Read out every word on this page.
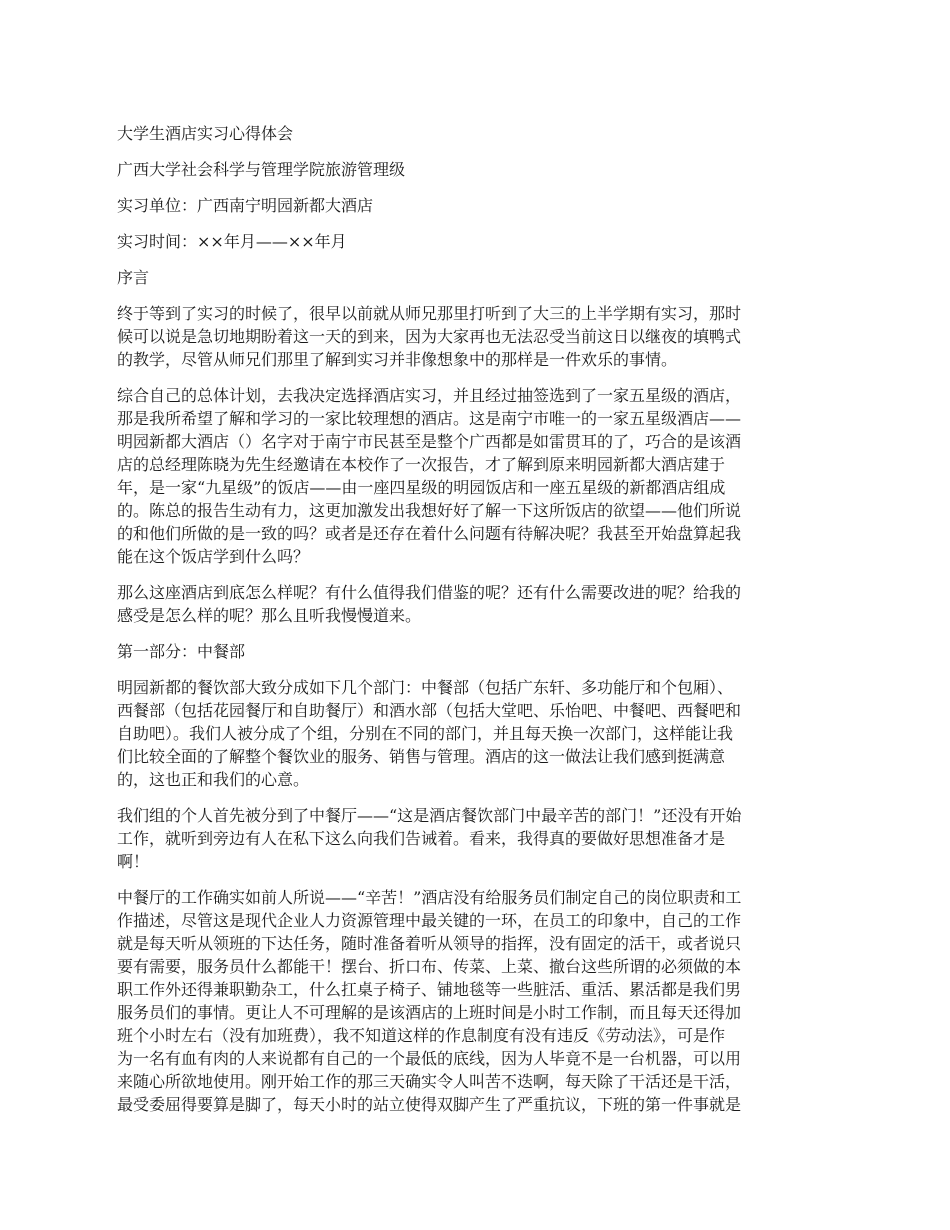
大学生酒店实习心得体会

广西大学社会科学与管理学院旅游管理级

实习单位：广西南宁明园新都大酒店

实习时间：××年月——××年月

序言

终于等到了实习的时候了，很早以前就从师兄那里打听到了大三的上半学期有实习，那时
候可以说是急切地期盼着这一天的到来，因为大家再也无法忍受当前这日以继夜的填鸭式
的教学，尽管从师兄们那里了解到实习并非像想象中的那样是一件欢乐的事情。
综合自己的总体计划，去我决定选择酒店实习，并且经过抽签选到了一家五星级的酒店，
那是我所希望了解和学习的一家比较理想的酒店。这是南宁市唯一的一家五星级酒店——
明园新都大酒店（）名字对于南宁市民甚至是整个广西都是如雷贯耳的了，巧合的是该酒
店的总经理陈晓为先生经邀请在本校作了一次报告，才了解到原来明园新都大酒店建于
年，是一家“九星级”的饭店——由一座四星级的明园饭店和一座五星级的新都酒店组成
的。陈总的报告生动有力，这更加激发出我想好好了解一下这所饭店的欲望——他们所说
的和他们所做的是一致的吗？或者是还存在着什么问题有待解决呢？我甚至开始盘算起我
能在这个饭店学到什么吗？
那么这座酒店到底怎么样呢？有什么值得我们借鉴的呢？还有什么需要改进的呢？给我的
感受是怎么样的呢？那么且听我慢慢道来。

第一部分：中餐部

明园新都的餐饮部大致分成如下几个部门：中餐部（包括广东轩、多功能厅和个包厢）、
西餐部（包括花园餐厅和自助餐厅）和酒水部（包括大堂吧、乐怡吧、中餐吧、西餐吧和
自助吧）。我们人被分成了个组，分别在不同的部门，并且每天换一次部门，这样能让我
们比较全面的了解整个餐饮业的服务、销售与管理。酒店的这一做法让我们感到挺满意
的，这也正和我们的心意。
我们组的个人首先被分到了中餐厅——“这是酒店餐饮部门中最辛苦的部门！”还没有开始
工作，就听到旁边有人在私下这么向我们告诫着。看来，我得真的要做好思想准备才是
啊！
中餐厅的工作确实如前人所说——“辛苦！”酒店没有给服务员们制定自己的岗位职责和工
作描述，尽管这是现代企业人力资源管理中最关键的一环，在员工的印象中，自己的工作
就是每天听从领班的下达任务，随时准备着听从领导的指挥，没有固定的活干，或者说只
要有需要，服务员什么都能干！摆台、折口布、传菜、上菜、撤台这些所谓的必须做的本
职工作外还得兼职勤杂工，什么扛桌子椅子、铺地毯等一些脏活、重活、累活都是我们男
服务员们的事情。更让人不可理解的是该酒店的上班时间是小时工作制，而且每天还得加
班个小时左右（没有加班费），我不知道这样的作息制度有没有违反《劳动法》，可是作
为一名有血有肉的人来说都有自己的一个最低的底线，因为人毕竟不是一台机器，可以用
来随心所欲地使用。刚开始工作的那三天确实令人叫苦不迭啊，每天除了干活还是干活，
最受委屈得要算是脚了，每天小时的站立使得双脚产生了严重抗议，下班的第一件事就是
